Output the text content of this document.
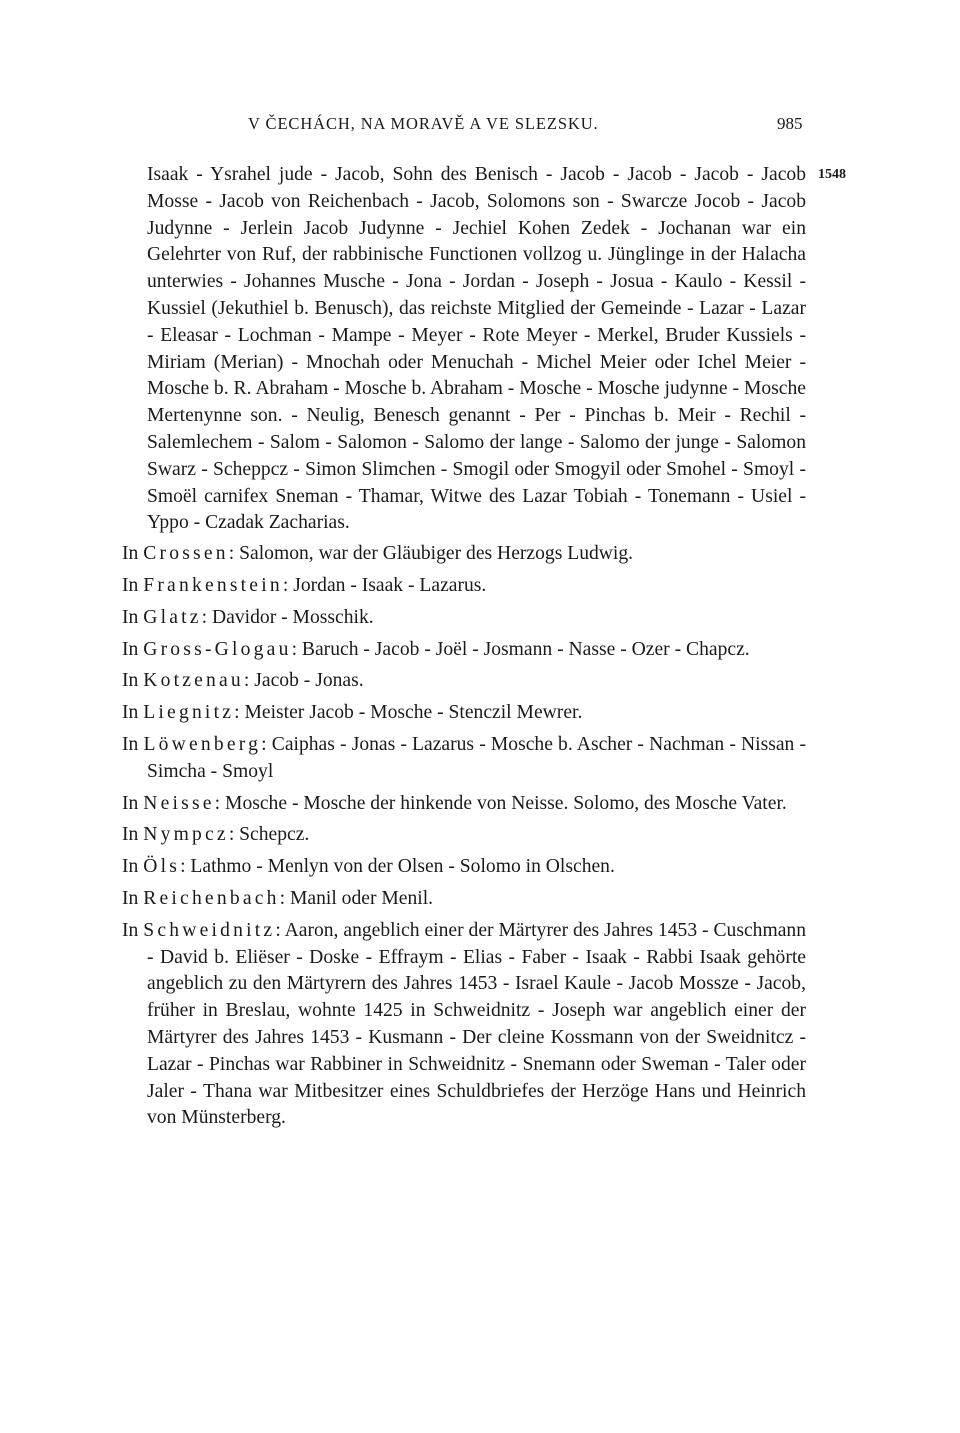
V ČECHÁCH, NA MORAVĚ A VE SLEZSKU.	985
1548

Isaak - Ysrahel jude - Jacob, Sohn des Benisch - Jacob - Jacob - Jacob - Jacob Mosse - Jacob von Reichenbach - Jacob, Solomons son - Swarcze Jocob - Jacob Judynne - Jerlein Jacob Judynne - Jechiel Kohen Zedek - Jochanan war ein Gelehrter von Ruf, der rabbinische Functionen vollzog u. Jünglinge in der Halacha unterwies - Johannes Musche - Jona - Jordan - Joseph - Josua - Kaulo - Kessil - Kussiel (Jekuthiel b. Benusch), das reichste Mitglied der Gemeinde - Lazar - Lazar - Eleasar - Lochman - Mampe - Meyer - Rote Meyer - Merkel, Bruder Kussiels - Miriam (Merian) - Mnochah oder Menuchah - Michel Meier oder Ichel Meier - Mosche b. R. Abraham - Mosche b. Abraham - Mosche - Mosche judynne - Mosche Mertenynne son. - Neulig, Benesch genannt - Per - Pinchas b. Meir - Rechil - Salemlechem - Salom - Salomon - Salomo der lange - Salomo der junge - Salomon Swarz - Scheppcz - Simon Slimchen - Smogil oder Smogyil oder Smohel - Smoyl - Smoël carnifex Sneman - Thamar, Witwe des Lazar Tobiah - Tonemann - Usiel - Yppo - Czadak Zacharias.

In Crossen: Salomon, war der Gläubiger des Herzogs Ludwig.

In Frankenstein: Jordan - Isaak - Lazarus.

In Glatz: Davidor - Mosschik.

In Gross-Glogau: Baruch - Jacob - Joël - Josmann - Nasse - Ozer - Chapcz.

In Kotzenau: Jacob - Jonas.

In Liegnitz: Meister Jacob - Mosche - Stenczil Mewrer.

In Löwenberg: Caiphas - Jonas - Lazarus - Mosche b. Ascher - Nachman - Nissan - Simcha - Smoyl

In Neisse: Mosche - Mosche der hinkende von Neisse. Solomo, des Mosche Vater.

In Nympcz: Schepcz.

In Öls: Lathmo - Menlyn von der Olsen - Solomo in Olschen.

In Reichenbach: Manil oder Menil.

In Schweidnitz: Aaron, angeblich einer der Märtyrer des Jahres 1453 - Cuschmann - David b. Eliëser - Doske - Effraym - Elias - Faber - Isaak - Rabbi Isaak gehörte angeblich zu den Märtyrern des Jahres 1453 - Israel Kaule - Jacob Mossze - Jacob, früher in Breslau, wohnte 1425 in Schweidnitz - Joseph war angeblich einer der Märtyrer des Jahres 1453 - Kusmann - Der cleine Kossmann von der Sweidnitcz - Lazar - Pinchas war Rabbiner in Schweidnitz - Snemann oder Sweman - Taler oder Jaler - Thana war Mitbesitzer eines Schuldbriefes der Herzöge Hans und Heinrich von Münsterberg.
